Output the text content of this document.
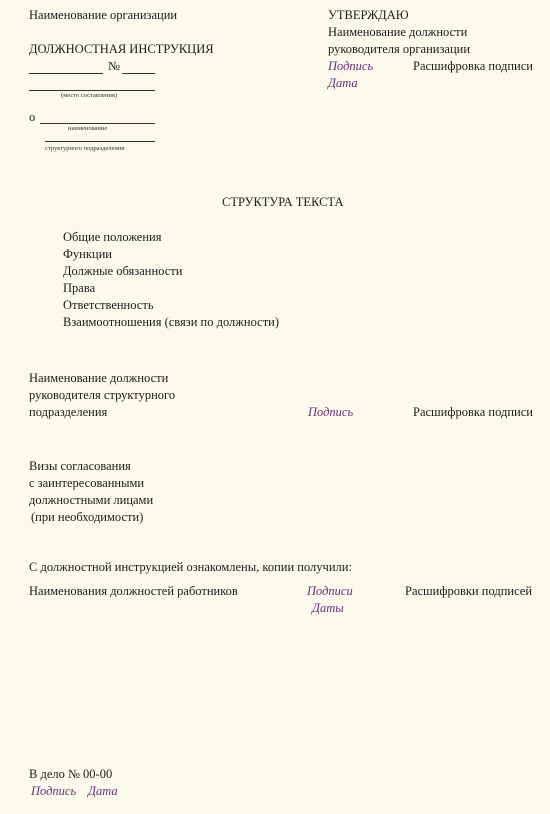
Наименование организации
ДОЛЖНОСТНАЯ ИНСТРУКЦИЯ
№
(место составления)
о
наименование
структурного подразделения
УТВЕРЖДАЮ
Наименование должности
руководителя организации
Подпись	Расшифровка подписи
Дата
СТРУКТУРА ТЕКСТА
Общие положения
Функции
Должные обязанности
Права
Ответственность
Взаимоотношения (связи по должности)
Наименование должности
руководителя структурного
подразделения	Подпись	Расшифровка подписи
Визы согласования
с заинтересованными
должностными лицами
(при необходимости)
С должностной инструкцией ознакомлены, копии получили:
Наименования должностей работников	Подписи	Расшифровки подписей
Даты
В дело № 00-00
Подпись Дата
